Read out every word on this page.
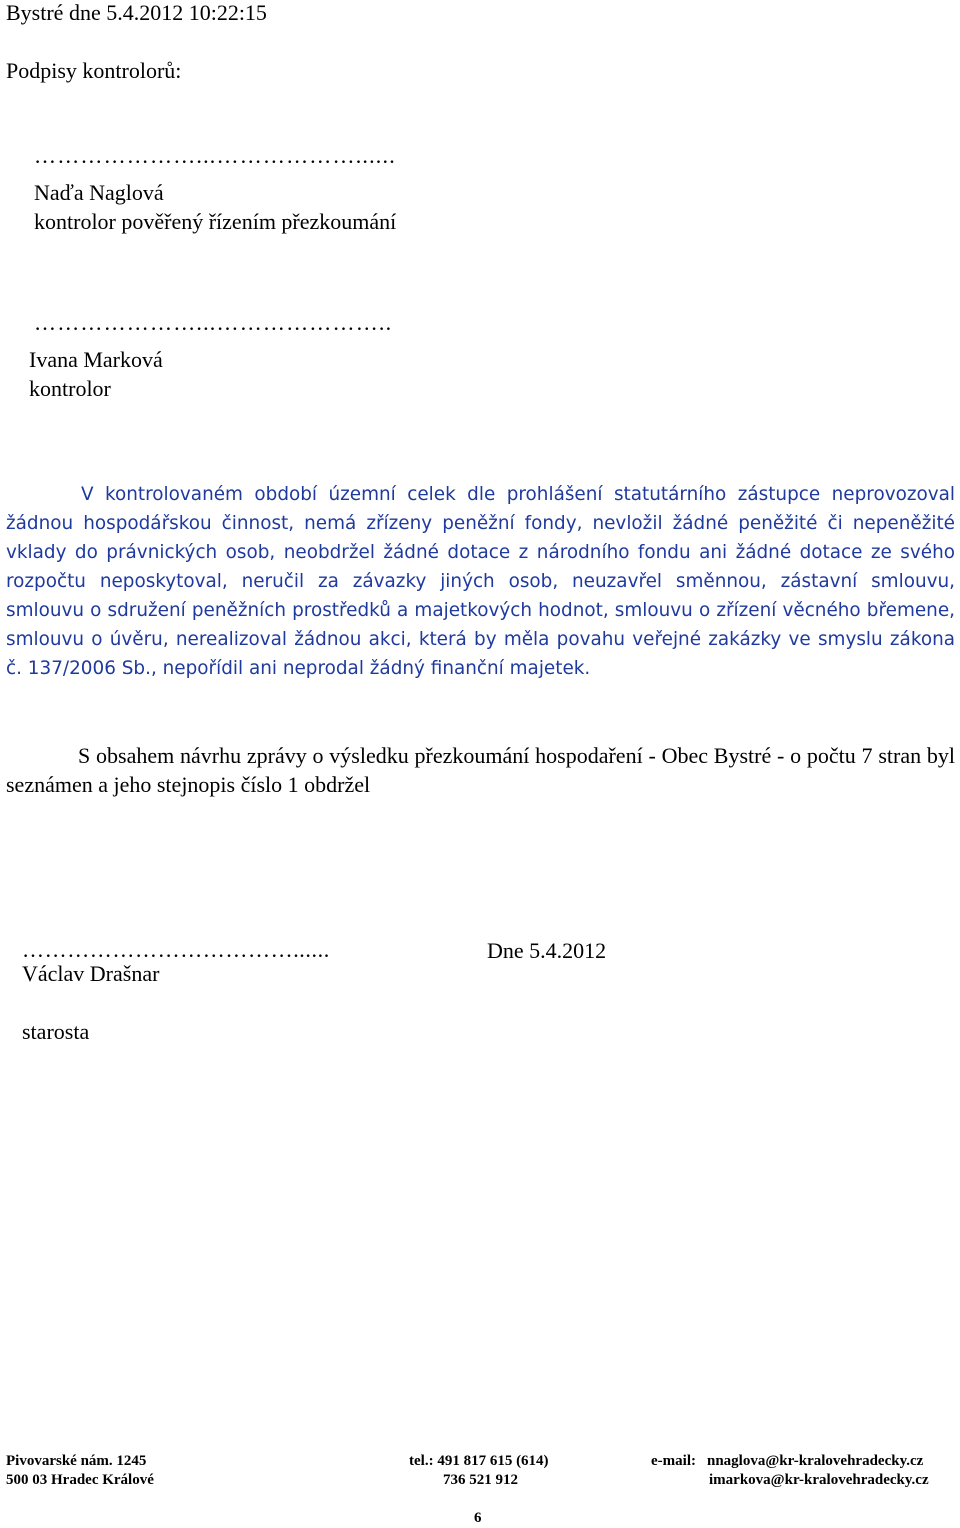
Bystré dne 5.4.2012 10:22:15
Podpisy kontrolorů:
…………………...………………......
Naďa Naglová
kontrolor pověřený řízením přezkoumání
…………………...…………………..
Ivana Marková
kontrolor

V kontrolovaném období územní celek dle prohlášení statutárního zástupce neprovozoval žádnou hospodářskou činnost, nemá zřízeny peněžní fondy, nevložil žádné peněžité či nepeněžité vklady do právnických osob, neobdržel žádné dotace z národního fondu ani žádné dotace ze svého rozpočtu neposkytoval, neručil za závazky jiných osob, neuzavřel směnnou, zástavní smlouvu, smlouvu o sdružení peněžních prostředků a majetkových hodnot, smlouvu o zřízení věcného břemene, smlouvu o úvěru, nerealizoval žádnou akci, která by měla povahu veřejné zakázky ve smyslu zákona č. 137/2006 Sb., nepořídil ani neprodal žádný finanční majetek.

S obsahem návrhu zprávy o výsledku přezkoumání hospodaření - Obec Bystré - o počtu 7 stran byl seznámen a jeho stejnopis číslo 1 obdržel

………………………………......	Dne 5.4.2012
Václav Drašnar
starosta
Pivovarské nám. 1245
500 03 Hradec Králové
tel.: 491 817 615 (614)
736 521 912
e-mail: nnaglova@kr-kralovehradecky.cz
imarkova@kr-kralovehradecky.cz
6
